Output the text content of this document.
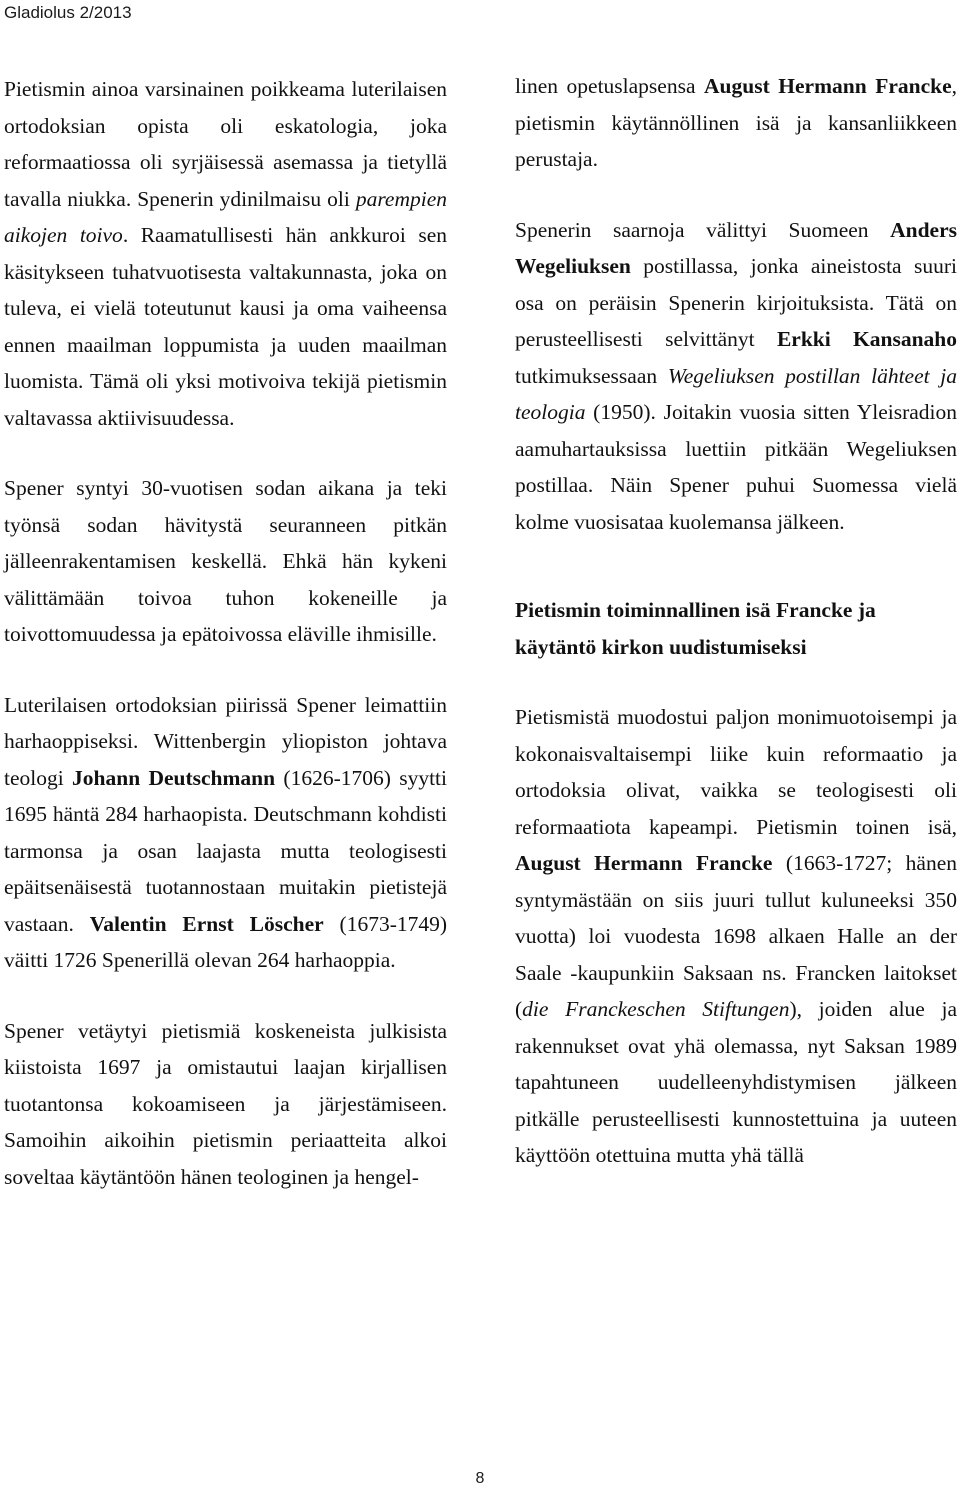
Gladiolus 2/2013

Pietismin ainoa varsinainen poikkeama luterilaisen ortodoksian opista oli eskatologia, joka reformaatiossa oli syrjäisessä asemassa ja tietyllä tavalla niukka. Spenerin ydinilmaisu oli parempien aikojen toivo. Raamatullisesti hän ankkuroi sen käsitykseen tuhatvuotisesta valtakunnasta, joka on tuleva, ei vielä toteutunut kausi ja oma vaiheensa ennen maailman loppumista ja uuden maailman luomista. Tämä oli yksi motivoiva tekijä pietismin valtavassa aktiivisuudessa.

Spener syntyi 30-vuotisen sodan aikana ja teki työnsä sodan hävitystä seuranneen pitkän jälleenrakentamisen keskellä. Ehkä hän kykeni välittämään toivoa tuhon kokeneille ja toivottomuudessa ja epätoivossa eläville ihmisille.

Luterilaisen ortodoksian piirissä Spener leimattiin harhaoppiseksi. Wittenbergin yliopiston johtava teologi Johann Deutschmann (1626-1706) syytti 1695 häntä 284 harhaopista. Deutschmann kohdisti tarmonsa ja osan laajasta mutta teologisesti epäitsenäisestä tuotannostaan muitakin pietistejä vastaan. Valentin Ernst Löscher (1673-1749) väitti 1726 Spenerillä olevan 264 harhaoppia.

Spener vetäytyi pietismiä koskeneista julkisista kiistoista 1697 ja omistautui laajan kirjallisen tuotantonsa kokoamiseen ja järjestämiseen. Samoihin aikoihin pietismin periaatteita alkoi soveltaa käytäntöön hänen teologinen ja hengel-

linen opetuslapsensa August Hermann Francke, pietismin käytännöllinen isä ja kansanliikkeen perustaja.

Spenerin saarnoja välittyi Suomeen Anders Wegeliuksen postillassa, jonka aineistosta suuri osa on peräisin Spenerin kirjoituksista. Tätä on perusteellisesti selvittänyt Erkki Kansanaho tutkimuksessaan Wegeliuksen postillan lähteet ja teologia (1950). Joitakin vuosia sitten Yleisradion aamuhartauksissa luettiin pitkään Wegeliuksen postillaa. Näin Spener puhui Suomessa vielä kolme vuosisataa kuolemansa jälkeen.

Pietismin toiminnallinen isä Francke ja käytäntö kirkon uudistumiseksi

Pietismistä muodostui paljon monimuotoisempi ja kokonaisvaltaisempi liike kuin reformaatio ja ortodoksia olivat, vaikka se teologisesti oli reformaatiota kapeampi. Pietismin toinen isä, August Hermann Francke (1663-1727; hänen syntymästään on siis juuri tullut kuluneeksi 350 vuotta) loi vuodesta 1698 alkaen Halle an der Saale -kaupunkiin Saksaan ns. Francken laitokset (die Franckeschen Stiftungen), joiden alue ja rakennukset ovat yhä olemassa, nyt Saksan 1989 tapahtuneen uudelleenyhdistymisen jälkeen pitkälle perusteellisesti kunnostettuina ja uuteen käyttöön otettuina mutta yhä tällä

8
